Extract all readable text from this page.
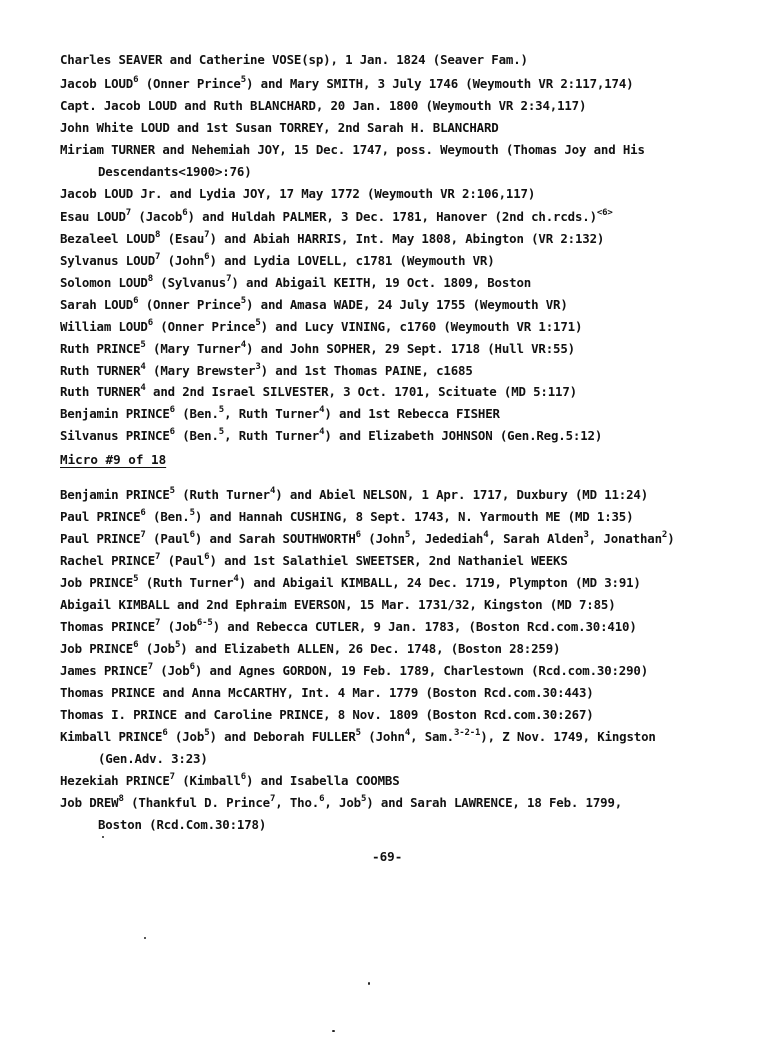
Charles SEAVER and Catherine VOSE(sp), 1 Jan. 1824 (Seaver Fam.)
Jacob LOUD$^6$ (Onner Prince$^5$) and Mary SMITH, 3 July 1746 (Weymouth VR 2:117,174)
Capt. Jacob LOUD and Ruth BLANCHARD, 20 Jan. 1800 (Weymouth VR 2:34,117)
John White LOUD and 1st Susan TORREY, 2nd Sarah H. BLANCHARD
Miriam TURNER and Nehemiah JOY, 15 Dec. 1747, poss. Weymouth (Thomas Joy and His
Descendants<1900>:76)
Jacob LOUD Jr. and Lydia JOY, 17 May 1772 (Weymouth VR 2:106,117)
Esau LOUD$^7$ (Jacob$^6$) and Huldah PALMER, 3 Dec. 1781, Hanover (2nd ch.rcds.)$^{<6>}$
Bezaleel LOUD$^8$ (Esau$^7$) and Abiah HARRIS, Int. May 1808, Abington (VR 2:132)
Sylvanus LOUD$^7$ (John$^6$) and Lydia LOVELL, c1781 (Weymouth VR)
Solomon LOUD$^8$ (Sylvanus$^7$) and Abigail KEITH, 19 Oct. 1809, Boston
Sarah LOUD$^6$ (Onner Prince$^5$) and Amasa WADE, 24 July 1755 (Weymouth VR)
William LOUD$^6$ (Onner Prince$^5$) and Lucy VINING, c1760 (Weymouth VR 1:171)
Ruth PRINCE$^5$ (Mary Turner$^4$) and John SOPHER, 29 Sept. 1718 (Hull VR:55)
Ruth TURNER$^4$ (Mary Brewster$^3$) and 1st Thomas PAINE, c1685
Ruth TURNER$^4$ and 2nd Israel SILVESTER, 3 Oct. 1701, Scituate (MD 5:117)
Benjamin PRINCE$^6$ (Ben.$^5$, Ruth Turner$^4$) and 1st Rebecca FISHER
Silvanus PRINCE$^6$ (Ben.$^5$, Ruth Turner$^4$) and Elizabeth JOHNSON (Gen.Reg.5:12)
Benjamin PRINCE$^5$ (Ruth Turner$^4$) and Abiel NELSON, 1 Apr. 1717, Duxbury (MD 11:24)
Paul PRINCE$^6$ (Ben.$^5$) and Hannah CUSHING, 8 Sept. 1743, N. Yarmouth ME (MD 1:35)
Paul PRINCE$^7$ (Paul$^6$) and Sarah SOUTHWORTH$^6$ (John$^5$, Jedediah$^4$, Sarah Alden$^3$, Jonathan$^2$)
Rachel PRINCE$^7$ (Paul$^6$) and 1st Salathiel SWEETSER, 2nd Nathaniel WEEKS
Job PRINCE$^5$ (Ruth Turner$^4$) and Abigail KIMBALL, 24 Dec. 1719, Plympton (MD 3:91)
Abigail KIMBALL and 2nd Ephraim EVERSON, 15 Mar. 1731/32, Kingston (MD 7:85)
Thomas PRINCE$^7$ (Job$^{6-5}$) and Rebecca CUTLER, 9 Jan. 1783, (Boston Rcd.com.30:410)
Job PRINCE$^6$ (Job$^5$) and Elizabeth ALLEN, 26 Dec. 1748, (Boston 28:259)
James PRINCE$^7$ (Job$^6$) and Agnes GORDON, 19 Feb. 1789, Charlestown (Rcd.com.30:290)
Thomas PRINCE and Anna McCARTHY, Int. 4 Mar. 1779 (Boston Rcd.com.30:443)
Thomas I. PRINCE and Caroline PRINCE, 8 Nov. 1809 (Boston Rcd.com.30:267)
Kimball PRINCE$^6$ (Job$^5$) and Deborah FULLER$^5$ (John$^4$, Sam.$^{3-2-1}$), Z Nov. 1749, Kingston
(Gen.Adv. 3:23)
Hezekiah PRINCE$^7$ (Kimball$^6$) and Isabella COOMBS
Job DREW$^8$ (Thankful D. Prince$^7$, Tho.$^6$, Job$^5$) and Sarah LAWRENCE, 18 Feb. 1799,
Boston (Rcd.Com.30:178)
Micro #9 of 18
-69-
